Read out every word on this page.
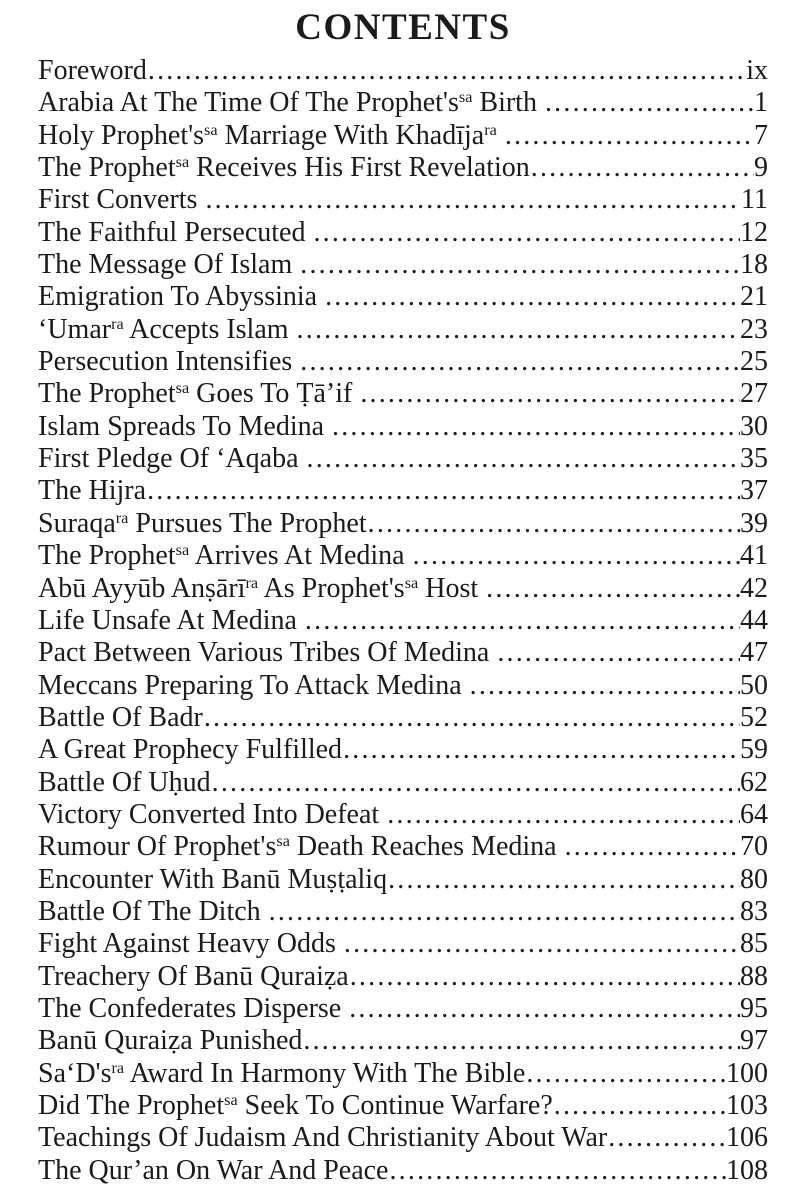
CONTENTS
Foreword .....	ix
Arabia At The Time Of The $Prophet's^{sa}$ Birth .....	1
Holy $Prophet's^{sa}$ Marriage With Khadīja$^{ra}$ .....	7
The Prophet$^{sa}$ Receives His First Revelation .....	9
First Converts .....	11
The Faithful Persecuted .....	12
The Message Of Islam .....	18
Emigration To Abyssinia .....	21
‘Umar$^{ra}$ Accepts Islam .....	23
Persecution Intensifies .....	25
The Prophet$^{sa}$ Goes To Ṭā’if .....	27
Islam Spreads To Medina .....	30
First Pledge Of ‘Aqaba .....	35
The Hijra .....	37
Suraqa$^{ra}$ Pursues The Prophet .....	39
The Prophet$^{sa}$ Arrives At Medina .....	41
Abū Ayyūb Anṣārī$^{ra}$ As $Prophet's^{sa}$ Host .....	42
Life Unsafe At Medina .....	44
Pact Between Various Tribes Of Medina .....	47
Meccans Preparing To Attack Medina .....	50
Battle Of Badr .....	52
A Great Prophecy Fulfilled .....	59
Battle Of Uḥud .....	62
Victory Converted Into Defeat .....	64
Rumour Of $Prophet's^{sa}$ Death Reaches Medina .....	70
Encounter With Banū Muṣṭaliq .....	80
Battle Of The Ditch .....	83
Fight Against Heavy Odds .....	85
Treachery Of Banū Quraiẓa .....	88
The Confederates Disperse .....	95
Banū Quraiẓa Punished .....	97
$Sa‘D's^{ra}$ Award In Harmony With The Bible .....	100
Did The Prophet$^{sa}$ Seek To Continue Warfare? .....	103
Teachings Of Judaism And Christianity About War .....	106
The Qur’an On War And Peace .....	108
